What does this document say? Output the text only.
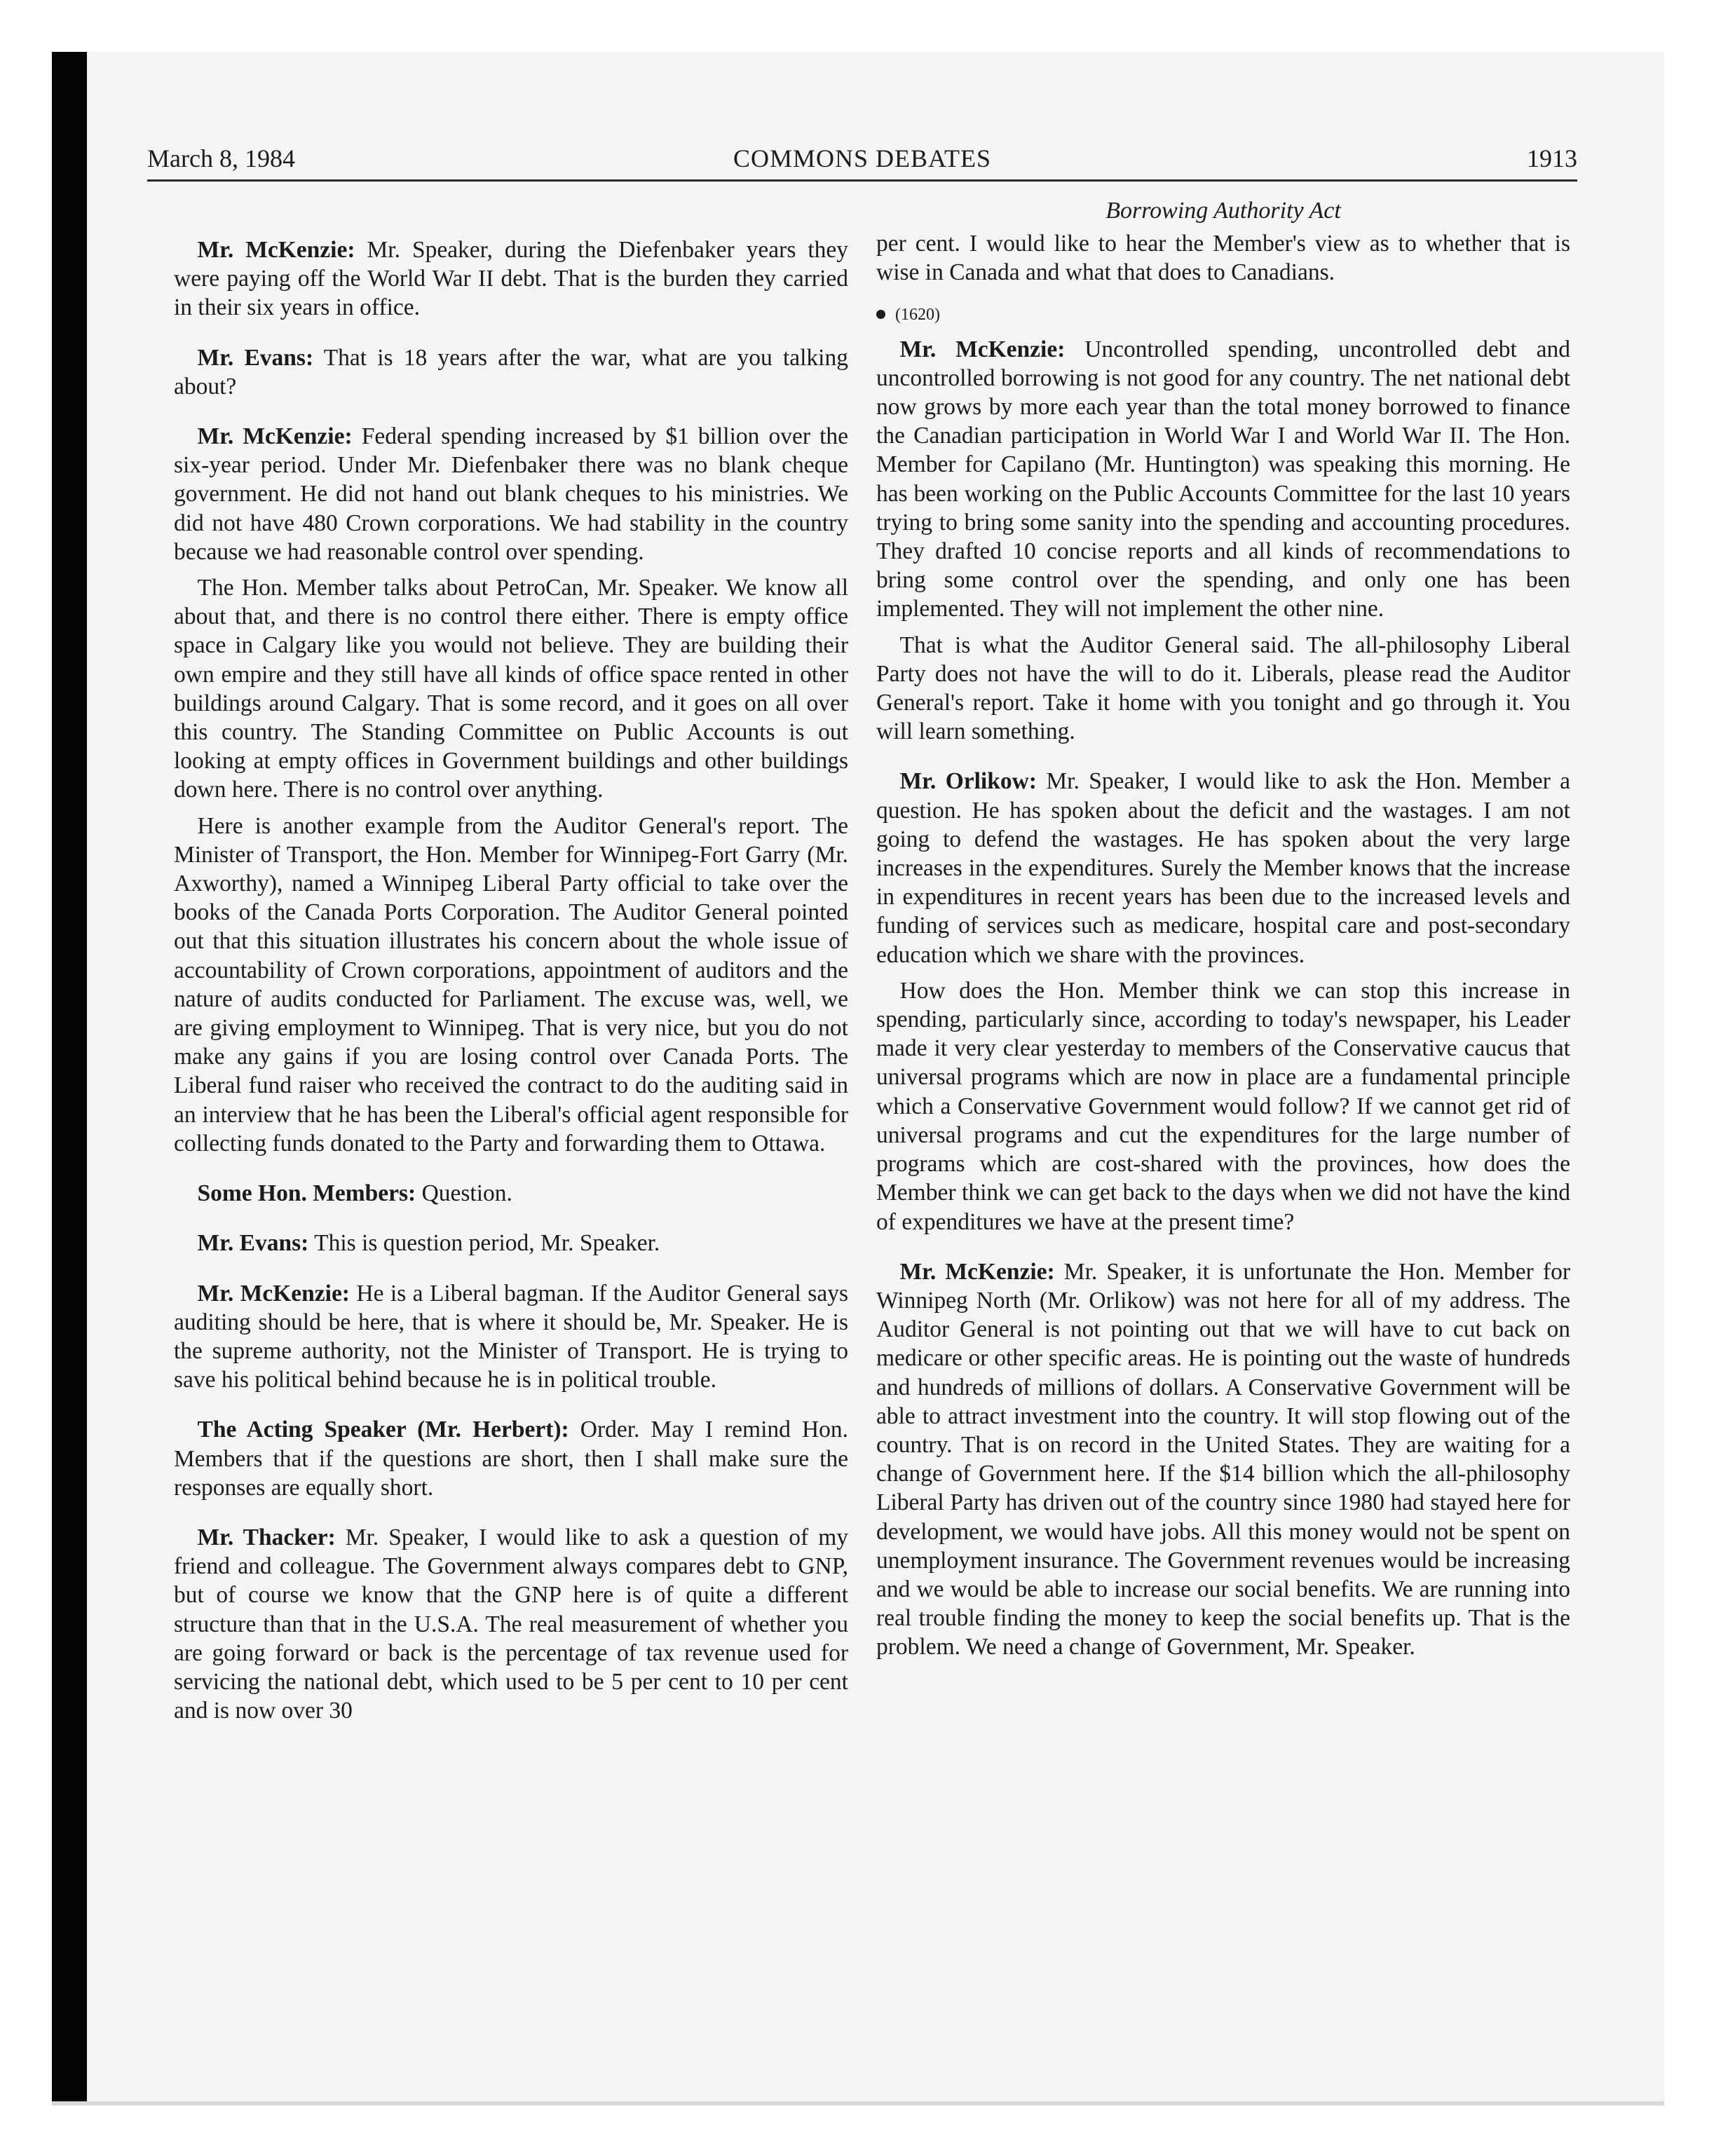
March 8, 1984	COMMONS DEBATES	1913

 Mr. McKenzie: Mr. Speaker, during the Diefenbaker years they were paying off the World War II debt. That is the burden they carried in their six years in office.

 Mr. Evans: That is 18 years after the war, what are you talking about?

 Mr. McKenzie: Federal spending increased by $1 billion over the six-year period. Under Mr. Diefenbaker there was no blank cheque government. He did not hand out blank cheques to his ministries. We did not have 480 Crown corporations. We had stability in the country because we had reasonable control over spending.

 The Hon. Member talks about PetroCan, Mr. Speaker. We know all about that, and there is no control there either. There is empty office space in Calgary like you would not believe. They are building their own empire and they still have all kinds of office space rented in other buildings around Calgary. That is some record, and it goes on all over this country. The Standing Committee on Public Accounts is out looking at empty offices in Government buildings and other buildings down here. There is no control over anything.

 Here is another example from the Auditor General's report. The Minister of Transport, the Hon. Member for Winnipeg-Fort Garry (Mr. Axworthy), named a Winnipeg Liberal Party official to take over the books of the Canada Ports Corporation. The Auditor General pointed out that this situation illustrates his concern about the whole issue of accountability of Crown corporations, appointment of auditors and the nature of audits conducted for Parliament. The excuse was, well, we are giving employment to Winnipeg. That is very nice, but you do not make any gains if you are losing control over Canada Ports. The Liberal fund raiser who received the contract to do the auditing said in an interview that he has been the Liberal's official agent responsible for collecting funds donated to the Party and forwarding them to Ottawa.

 Some Hon. Members: Question.

 Mr. Evans: This is question period, Mr. Speaker.

 Mr. McKenzie: He is a Liberal bagman. If the Auditor General says auditing should be here, that is where it should be, Mr. Speaker. He is the supreme authority, not the Minister of Transport. He is trying to save his political behind because he is in political trouble.

 The Acting Speaker (Mr. Herbert): Order. May I remind Hon. Members that if the questions are short, then I shall make sure the responses are equally short.

 Mr. Thacker: Mr. Speaker, I would like to ask a question of my friend and colleague. The Government always compares debt to GNP, but of course we know that the GNP here is of quite a different structure than that in the U.S.A. The real measurement of whether you are going forward or back is the percentage of tax revenue used for servicing the national debt, which used to be 5 per cent to 10 per cent and is now over 30

Borrowing Authority Act

per cent. I would like to hear the Member's view as to whether that is wise in Canada and what that does to Canadians.

(1620)

 Mr. McKenzie: Uncontrolled spending, uncontrolled debt and uncontrolled borrowing is not good for any country. The net national debt now grows by more each year than the total money borrowed to finance the Canadian participation in World War I and World War II. The Hon. Member for Capilano (Mr. Huntington) was speaking this morning. He has been working on the Public Accounts Committee for the last 10 years trying to bring some sanity into the spending and accounting procedures. They drafted 10 concise reports and all kinds of recommendations to bring some control over the spending, and only one has been implemented. They will not implement the other nine.

 That is what the Auditor General said. The all-philosophy Liberal Party does not have the will to do it. Liberals, please read the Auditor General's report. Take it home with you tonight and go through it. You will learn something.

 Mr. Orlikow: Mr. Speaker, I would like to ask the Hon. Member a question. He has spoken about the deficit and the wastages. I am not going to defend the wastages. He has spoken about the very large increases in the expenditures. Surely the Member knows that the increase in expenditures in recent years has been due to the increased levels and funding of services such as medicare, hospital care and post-secondary education which we share with the provinces.

 How does the Hon. Member think we can stop this increase in spending, particularly since, according to today's newspaper, his Leader made it very clear yesterday to members of the Conservative caucus that universal programs which are now in place are a fundamental principle which a Conservative Government would follow? If we cannot get rid of universal programs and cut the expenditures for the large number of programs which are cost-shared with the provinces, how does the Member think we can get back to the days when we did not have the kind of expenditures we have at the present time?

 Mr. McKenzie: Mr. Speaker, it is unfortunate the Hon. Member for Winnipeg North (Mr. Orlikow) was not here for all of my address. The Auditor General is not pointing out that we will have to cut back on medicare or other specific areas. He is pointing out the waste of hundreds and hundreds of millions of dollars. A Conservative Government will be able to attract investment into the country. It will stop flowing out of the country. That is on record in the United States. They are waiting for a change of Government here. If the $14 billion which the all-philosophy Liberal Party has driven out of the country since 1980 had stayed here for development, we would have jobs. All this money would not be spent on unemployment insurance. The Government revenues would be increasing and we would be able to increase our social benefits. We are running into real trouble finding the money to keep the social benefits up. That is the problem. We need a change of Government, Mr. Speaker.
